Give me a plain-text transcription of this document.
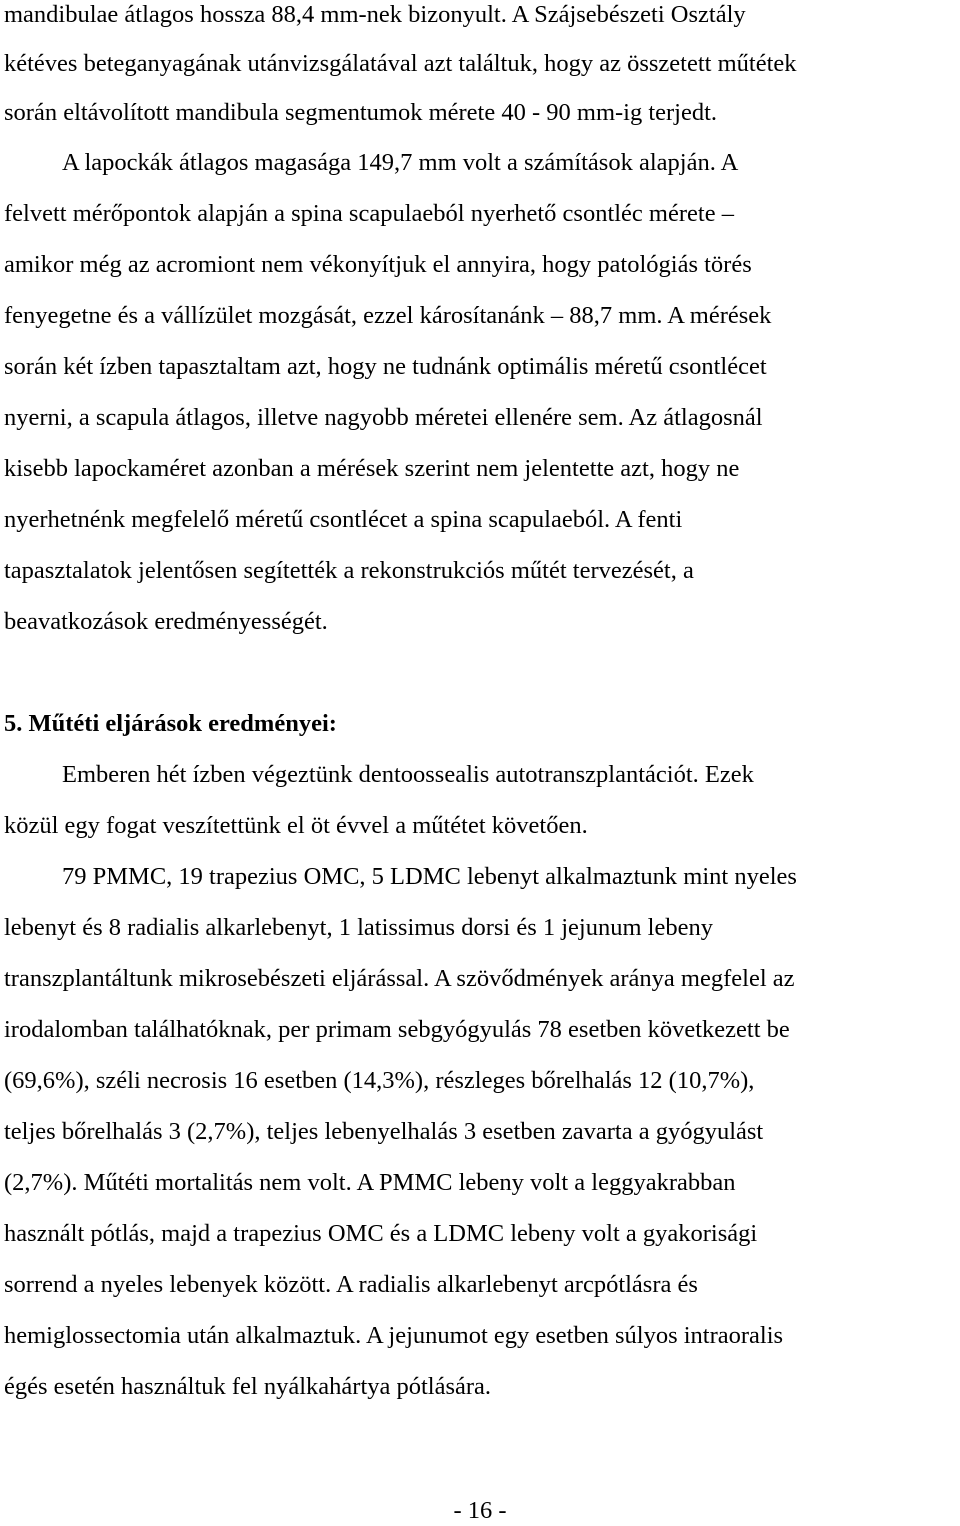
mandibulae átlagos hossza 88,4 mm-nek bizonyult. A Szájsebészeti Osztály

kétéves beteganyagának utánvizsgálatával azt találtuk, hogy az összetett műtétek

során eltávolított mandibula segmentumok mérete 40 - 90 mm-ig terjedt.

A lapockák átlagos magasága 149,7 mm volt a számítások alapján. A

felvett mérőpontok alapján a spina scapulaeból nyerhető csontléc mérete –

amikor még az acromiont nem vékonyítjuk el annyira, hogy patológiás törés

fenyegetne és a vállízület mozgását, ezzel károsítanánk – 88,7 mm. A mérések

során két ízben tapasztaltam azt, hogy ne tudnánk optimális méretű csontlécet

nyerni, a scapula átlagos, illetve nagyobb méretei ellenére sem. Az átlagosnál

kisebb lapockaméret azonban a mérések szerint nem jelentette azt, hogy ne

nyerhetnénk megfelelő méretű csontlécet a spina scapulaeból. A fenti

tapasztalatok jelentősen segítették a rekonstrukciós műtét tervezését, a

beavatkozások eredményességét.

5. Műtéti eljárások eredményei:

Emberen hét ízben végeztünk dentoossealis autotranszplantációt. Ezek

közül egy fogat veszítettünk el öt évvel a műtétet követően.

79 PMMC, 19 trapezius OMC, 5 LDMC lebenyt alkalmaztunk mint nyeles

lebenyt és 8 radialis alkarlebenyt, 1 latissimus dorsi és 1 jejunum lebeny

transzplantáltunk mikrosebészeti eljárással. A szövődmények aránya megfelel az

irodalomban találhatóknak, per primam sebgyógyulás 78 esetben következett be

(69,6%), széli necrosis 16 esetben (14,3%), részleges bőrelhalás 12 (10,7%),

teljes bőrelhalás 3 (2,7%), teljes lebenyelhalás 3 esetben zavarta a gyógyulást

(2,7%). Műtéti mortalitás nem volt. A PMMC lebeny volt a leggyakrabban

használt pótlás, majd a trapezius OMC és a LDMC lebeny volt a gyakorisági

sorrend a nyeles lebenyek között. A radialis alkarlebenyt arcpótlásra és

hemiglossectomia után alkalmaztuk. A jejunumot egy esetben súlyos intraoralis

égés esetén használtuk fel nyálkahártya pótlására.

- 16 -
